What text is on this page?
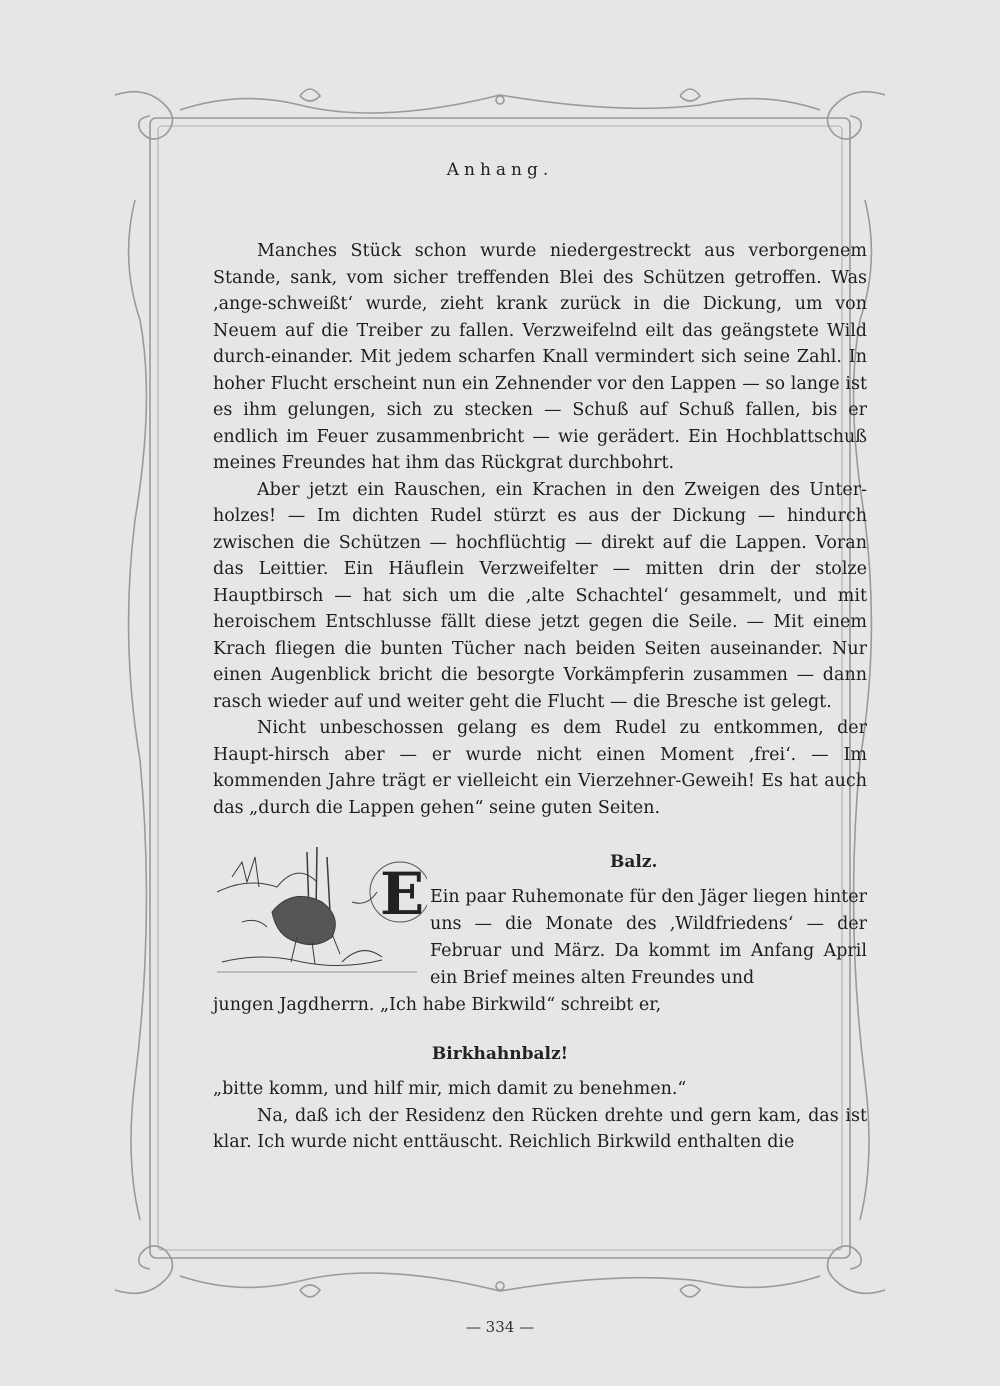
Anhang.

Manches Stück schon wurde niedergestreckt aus verborgenem Stande, sank, vom sicher treffenden Blei des Schützen getroffen. Was ‚ange-schweißt‘ wurde, zieht krank zurück in die Dickung, um von Neuem auf die Treiber zu fallen. Verzweifelnd eilt das geängstete Wild durch-einander. Mit jedem scharfen Knall vermindert sich seine Zahl. In hoher Flucht erscheint nun ein Zehnender vor den Lappen — so lange ist es ihm gelungen, sich zu stecken — Schuß auf Schuß fallen, bis er endlich im Feuer zusammenbricht — wie gerädert. Ein Hochblattschuß meines Freundes hat ihm das Rückgrat durchbohrt.

Aber jetzt ein Rauschen, ein Krachen in den Zweigen des Unter-holzes! — Im dichten Rudel stürzt es aus der Dickung — hindurch zwischen die Schützen — hochflüchtig — direkt auf die Lappen. Voran das Leittier. Ein Häuflein Verzweifelter — mitten drin der stolze Hauptbirsch — hat sich um die ‚alte Schachtel‘ gesammelt, und mit heroischem Entschlusse fällt diese jetzt gegen die Seile. — Mit einem Krach fliegen die bunten Tücher nach beiden Seiten auseinander. Nur einen Augenblick bricht die besorgte Vorkämpferin zusammen — dann rasch wieder auf und weiter geht die Flucht — die Bresche ist gelegt.

Nicht unbeschossen gelang es dem Rudel zu entkommen, der Haupt-hirsch aber — er wurde nicht einen Moment ‚frei‘. — Im kommenden Jahre trägt er vielleicht ein Vierzehner-Geweih! Es hat auch das „durch die Lappen gehen“ seine guten Seiten.

Balz.
E Ein paar Ruhemonate für den Jäger liegen hinter uns — die Monate des ‚Wildfriedens‘ — der Februar und März. Da kommt im Anfang April ein Brief meines alten Freundes und
jungen Jagdherrn. „Ich habe Birkwild“ schreibt er,
Birkhahnbalz!

„bitte komm, und hilf mir, mich damit zu benehmen.“

Na, daß ich der Residenz den Rücken drehte und gern kam, das ist klar. Ich wurde nicht enttäuscht. Reichlich Birkwild enthalten die

— 334 —
